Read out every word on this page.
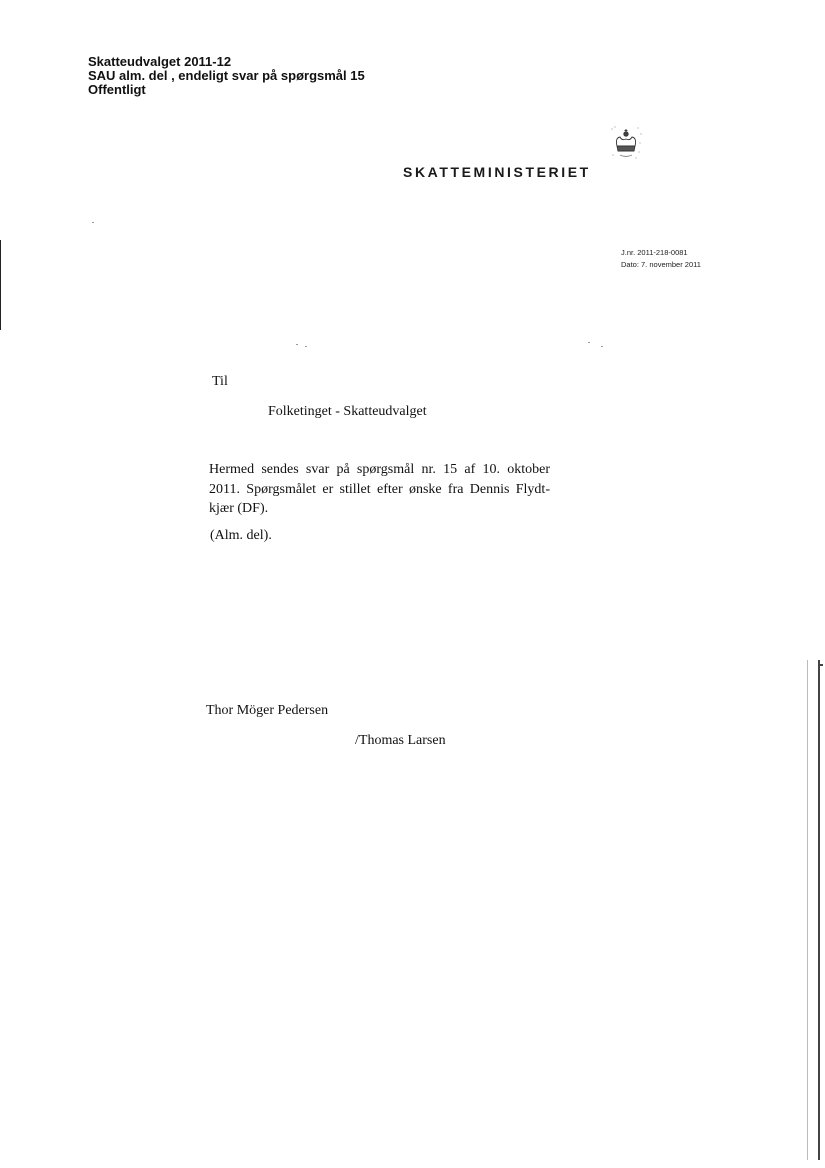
Skatteudvalget 2011-12
SAU alm. del , endeligt svar på spørgsmål 15
Offentligt
SKATTEMINISTERIET
J.nr. 2011-218-0081
Dato: 7. november 2011
Til
Folketinget - Skatteudvalget
Hermed sendes svar på spørgsmål nr. 15 af 10. oktober 2011. Spørgsmålet er stillet efter ønske fra Dennis Flydt-kjær (DF).
(Alm. del).
Thor Möger Pedersen
/Thomas Larsen
